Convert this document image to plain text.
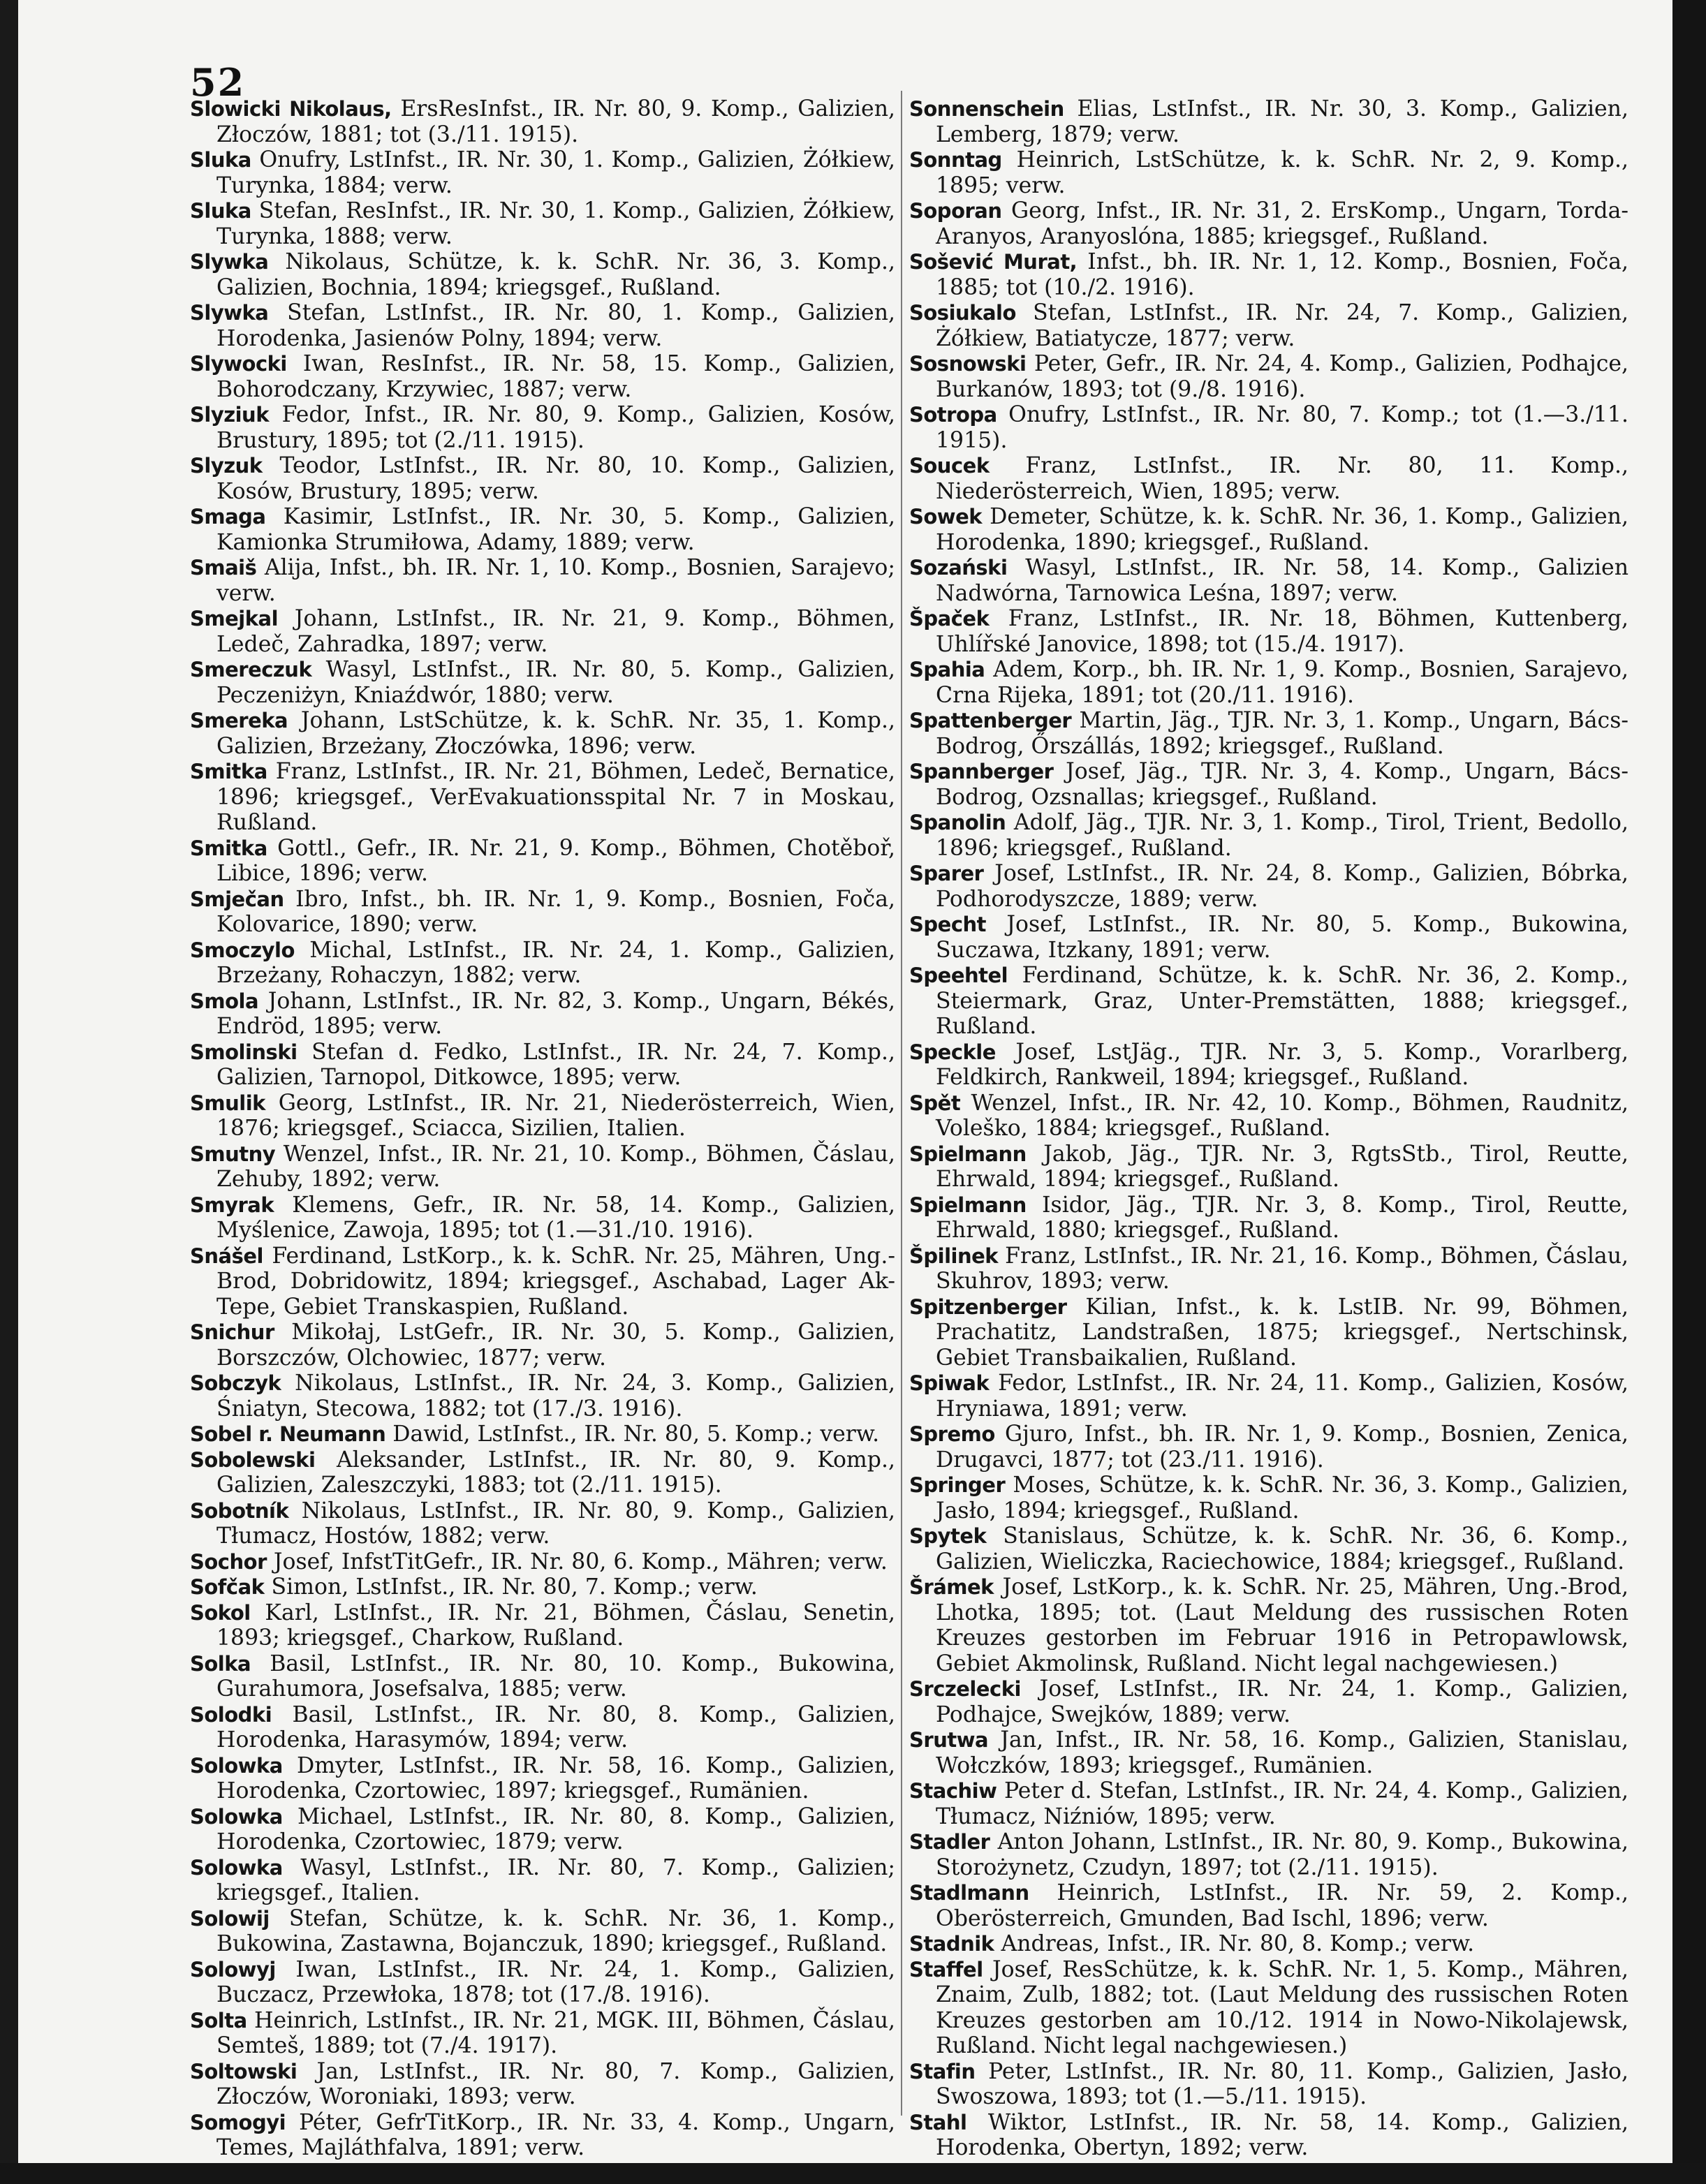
52
Slowicki Nikolaus, ErsResInfst., IR. Nr. 80, 9. Komp., Galizien, Złoczów, 1881; tot (3./11. 1915).
Sluka Onufry, LstInfst., IR. Nr. 30, 1. Komp., Galizien, Żółkiew, Turynka, 1884; verw.
Sluka Stefan, ResInfst., IR. Nr. 30, 1. Komp., Galizien, Żółkiew, Turynka, 1888; verw.
Slywka Nikolaus, Schütze, k. k. SchR. Nr. 36, 3. Komp., Galizien, Bochnia, 1894; kriegsgef., Rußland.
Slywka Stefan, LstInfst., IR. Nr. 80, 1. Komp., Galizien, Horodenka, Jasienów Polny, 1894; verw.
Slywocki Iwan, ResInfst., IR. Nr. 58, 15. Komp., Galizien, Bohorodczany, Krzywiec, 1887; verw.
Slyziuk Fedor, Infst., IR. Nr. 80, 9. Komp., Galizien, Kosów, Brustury, 1895; tot (2./11. 1915).
Slyzuk Teodor, LstInfst., IR. Nr. 80, 10. Komp., Galizien, Kosów, Brustury, 1895; verw.
Smaga Kasimir, LstInfst., IR. Nr. 30, 5. Komp., Galizien, Kamionka Strumiłowa, Adamy, 1889; verw.
Smaiš Alija, Infst., bh. IR. Nr. 1, 10. Komp., Bosnien, Sarajevo; verw.
Smejkal Johann, LstInfst., IR. Nr. 21, 9. Komp., Böhmen, Ledeč, Zahradka, 1897; verw.
Smereczuk Wasyl, LstInfst., IR. Nr. 80, 5. Komp., Galizien, Peczeniżyn, Kniaźdwór, 1880; verw.
Smereka Johann, LstSchütze, k. k. SchR. Nr. 35, 1. Komp., Galizien, Brzeżany, Złoczówka, 1896; verw.
Smitka Franz, LstInfst., IR. Nr. 21, Böhmen, Ledeč, Bernatice, 1896; kriegsgef., VerEvakuationsspital Nr. 7 in Moskau, Rußland.
Smitka Gottl., Gefr., IR. Nr. 21, 9. Komp., Böhmen, Chotěboř, Libice, 1896; verw.
Smječan Ibro, Infst., bh. IR. Nr. 1, 9. Komp., Bosnien, Foča, Kolovarice, 1890; verw.
Smoczylo Michal, LstInfst., IR. Nr. 24, 1. Komp., Galizien, Brzeżany, Rohaczyn, 1882; verw.
Smola Johann, LstInfst., IR. Nr. 82, 3. Komp., Ungarn, Békés, Endröd, 1895; verw.
Smolinski Stefan d. Fedko, LstInfst., IR. Nr. 24, 7. Komp., Galizien, Tarnopol, Ditkowce, 1895; verw.
Smulik Georg, LstInfst., IR. Nr. 21, Niederösterreich, Wien, 1876; kriegsgef., Sciacca, Sizilien, Italien.
Smutny Wenzel, Infst., IR. Nr. 21, 10. Komp., Böhmen, Čáslau, Zehuby, 1892; verw.
Smyrak Klemens, Gefr., IR. Nr. 58, 14. Komp., Galizien, Myślenice, Zawoja, 1895; tot (1.—31./10. 1916).
Snášel Ferdinand, LstKorp., k. k. SchR. Nr. 25, Mähren, Ung.-Brod, Dobridowitz, 1894; kriegsgef., Aschabad, Lager Ak-Tepe, Gebiet Transkaspien, Rußland.
Snichur Mikołaj, LstGefr., IR. Nr. 30, 5. Komp., Galizien, Borszczów, Olchowiec, 1877; verw.
Sobczyk Nikolaus, LstInfst., IR. Nr. 24, 3. Komp., Galizien, Śniatyn, Stecowa, 1882; tot (17./3. 1916).
Sobel r. Neumann Dawid, LstInfst., IR. Nr. 80, 5. Komp.; verw.
Sobolewski Aleksander, LstInfst., IR. Nr. 80, 9. Komp., Galizien, Zaleszczyki, 1883; tot (2./11. 1915).
Sobotník Nikolaus, LstInfst., IR. Nr. 80, 9. Komp., Galizien, Tłumacz, Hostów, 1882; verw.
Sochor Josef, InfstTitGefr., IR. Nr. 80, 6. Komp., Mähren; verw.
Sofčak Simon, LstInfst., IR. Nr. 80, 7. Komp.; verw.
Sokol Karl, LstInfst., IR. Nr. 21, Böhmen, Čáslau, Senetin, 1893; kriegsgef., Charkow, Rußland.
Solka Basil, LstInfst., IR. Nr. 80, 10. Komp., Bukowina, Gurahumora, Josefsalva, 1885; verw.
Solodki Basil, LstInfst., IR. Nr. 80, 8. Komp., Galizien, Horodenka, Harasymów, 1894; verw.
Solowka Dmyter, LstInfst., IR. Nr. 58, 16. Komp., Galizien, Horodenka, Czortowiec, 1897; kriegsgef., Rumänien.
Solowka Michael, LstInfst., IR. Nr. 80, 8. Komp., Galizien, Horodenka, Czortowiec, 1879; verw.
Solowka Wasyl, LstInfst., IR. Nr. 80, 7. Komp., Galizien; kriegsgef., Italien.
Solowij Stefan, Schütze, k. k. SchR. Nr. 36, 1. Komp., Bukowina, Zastawna, Bojanczuk, 1890; kriegsgef., Rußland.
Solowyj Iwan, LstInfst., IR. Nr. 24, 1. Komp., Galizien, Buczacz, Przewłoka, 1878; tot (17./8. 1916).
Solta Heinrich, LstInfst., IR. Nr. 21, MGK. III, Böhmen, Čáslau, Semteš, 1889; tot (7./4. 1917).
Soltowski Jan, LstInfst., IR. Nr. 80, 7. Komp., Galizien, Złoczów, Woroniaki, 1893; verw.
Somogyi Péter, GefrTitKorp., IR. Nr. 33, 4. Komp., Ungarn, Temes, Majláthfalva, 1891; verw.
Sonnenschein Elias, LstInfst., IR. Nr. 30, 3. Komp., Galizien, Lemberg, 1879; verw.
Sonntag Heinrich, LstSchütze, k. k. SchR. Nr. 2, 9. Komp., 1895; verw.
Soporan Georg, Infst., IR. Nr. 31, 2. ErsKomp., Ungarn, Torda-Aranyos, Aranyoslóna, 1885; kriegsgef., Rußland.
Sošević Murat, Infst., bh. IR. Nr. 1, 12. Komp., Bosnien, Foča, 1885; tot (10./2. 1916).
Sosiukalo Stefan, LstInfst., IR. Nr. 24, 7. Komp., Galizien, Żółkiew, Batiatycze, 1877; verw.
Sosnowski Peter, Gefr., IR. Nr. 24, 4. Komp., Galizien, Podhajce, Burkanów, 1893; tot (9./8. 1916).
Sotropa Onufry, LstInfst., IR. Nr. 80, 7. Komp.; tot (1.—3./11. 1915).
Soucek Franz, LstInfst., IR. Nr. 80, 11. Komp., Niederösterreich, Wien, 1895; verw.
Sowek Demeter, Schütze, k. k. SchR. Nr. 36, 1. Komp., Galizien, Horodenka, 1890; kriegsgef., Rußland.
Sozański Wasyl, LstInfst., IR. Nr. 58, 14. Komp., Galizien Nadwórna, Tarnowica Leśna, 1897; verw.
Špaček Franz, LstInfst., IR. Nr. 18, Böhmen, Kuttenberg, Uhlířské Janovice, 1898; tot (15./4. 1917).
Spahia Adem, Korp., bh. IR. Nr. 1, 9. Komp., Bosnien, Sarajevo, Crna Rijeka, 1891; tot (20./11. 1916).
Spattenberger Martin, Jäg., TJR. Nr. 3, 1. Komp., Ungarn, Bács-Bodrog, Őrszállás, 1892; kriegsgef., Rußland.
Spannberger Josef, Jäg., TJR. Nr. 3, 4. Komp., Ungarn, Bács-Bodrog, Ozsnallas; kriegsgef., Rußland.
Spanolin Adolf, Jäg., TJR. Nr. 3, 1. Komp., Tirol, Trient, Bedollo, 1896; kriegsgef., Rußland.
Sparer Josef, LstInfst., IR. Nr. 24, 8. Komp., Galizien, Bóbrka, Podhorodyszcze, 1889; verw.
Specht Josef, LstInfst., IR. Nr. 80, 5. Komp., Bukowina, Suczawa, Itzkany, 1891; verw.
Speehtel Ferdinand, Schütze, k. k. SchR. Nr. 36, 2. Komp., Steiermark, Graz, Unter-Premstätten, 1888; kriegsgef., Rußland.
Speckle Josef, LstJäg., TJR. Nr. 3, 5. Komp., Vorarlberg, Feldkirch, Rankweil, 1894; kriegsgef., Rußland.
Spět Wenzel, Infst., IR. Nr. 42, 10. Komp., Böhmen, Raudnitz, Voleško, 1884; kriegsgef., Rußland.
Spielmann Jakob, Jäg., TJR. Nr. 3, RgtsStb., Tirol, Reutte, Ehrwald, 1894; kriegsgef., Rußland.
Spielmann Isidor, Jäg., TJR. Nr. 3, 8. Komp., Tirol, Reutte, Ehrwald, 1880; kriegsgef., Rußland.
Špilinek Franz, LstInfst., IR. Nr. 21, 16. Komp., Böhmen, Čáslau, Skuhrov, 1893; verw.
Spitzenberger Kilian, Infst., k. k. LstIB. Nr. 99, Böhmen, Prachatitz, Landstraßen, 1875; kriegsgef., Nertschinsk, Gebiet Transbaikalien, Rußland.
Spiwak Fedor, LstInfst., IR. Nr. 24, 11. Komp., Galizien, Kosów, Hryniawa, 1891; verw.
Spremo Gjuro, Infst., bh. IR. Nr. 1, 9. Komp., Bosnien, Zenica, Drugavci, 1877; tot (23./11. 1916).
Springer Moses, Schütze, k. k. SchR. Nr. 36, 3. Komp., Galizien, Jasło, 1894; kriegsgef., Rußland.
Spytek Stanislaus, Schütze, k. k. SchR. Nr. 36, 6. Komp., Galizien, Wieliczka, Raciechowice, 1884; kriegsgef., Rußland.
Šrámek Josef, LstKorp., k. k. SchR. Nr. 25, Mähren, Ung.-Brod, Lhotka, 1895; tot. (Laut Meldung des russischen Roten Kreuzes gestorben im Februar 1916 in Petropawlowsk, Gebiet Akmolinsk, Rußland. Nicht legal nachgewiesen.)
Srczelecki Josef, LstInfst., IR. Nr. 24, 1. Komp., Galizien, Podhajce, Swejków, 1889; verw.
Srutwa Jan, Infst., IR. Nr. 58, 16. Komp., Galizien, Stanislau, Wołczków, 1893; kriegsgef., Rumänien.
Stachiw Peter d. Stefan, LstInfst., IR. Nr. 24, 4. Komp., Galizien, Tłumacz, Niźniów, 1895; verw.
Stadler Anton Johann, LstInfst., IR. Nr. 80, 9. Komp., Bukowina, Storożynetz, Czudyn, 1897; tot (2./11. 1915).
Stadlmann Heinrich, LstInfst., IR. Nr. 59, 2. Komp., Oberösterreich, Gmunden, Bad Ischl, 1896; verw.
Stadnik Andreas, Infst., IR. Nr. 80, 8. Komp.; verw.
Staffel Josef, ResSchütze, k. k. SchR. Nr. 1, 5. Komp., Mähren, Znaim, Zulb, 1882; tot. (Laut Meldung des russischen Roten Kreuzes gestorben am 10./12. 1914 in Nowo-Nikolajewsk, Rußland. Nicht legal nachgewiesen.)
Stafin Peter, LstInfst., IR. Nr. 80, 11. Komp., Galizien, Jasło, Swoszowa, 1893; tot (1.—5./11. 1915).
Stahl Wiktor, LstInfst., IR. Nr. 58, 14. Komp., Galizien, Horodenka, Obertyn, 1892; verw.
